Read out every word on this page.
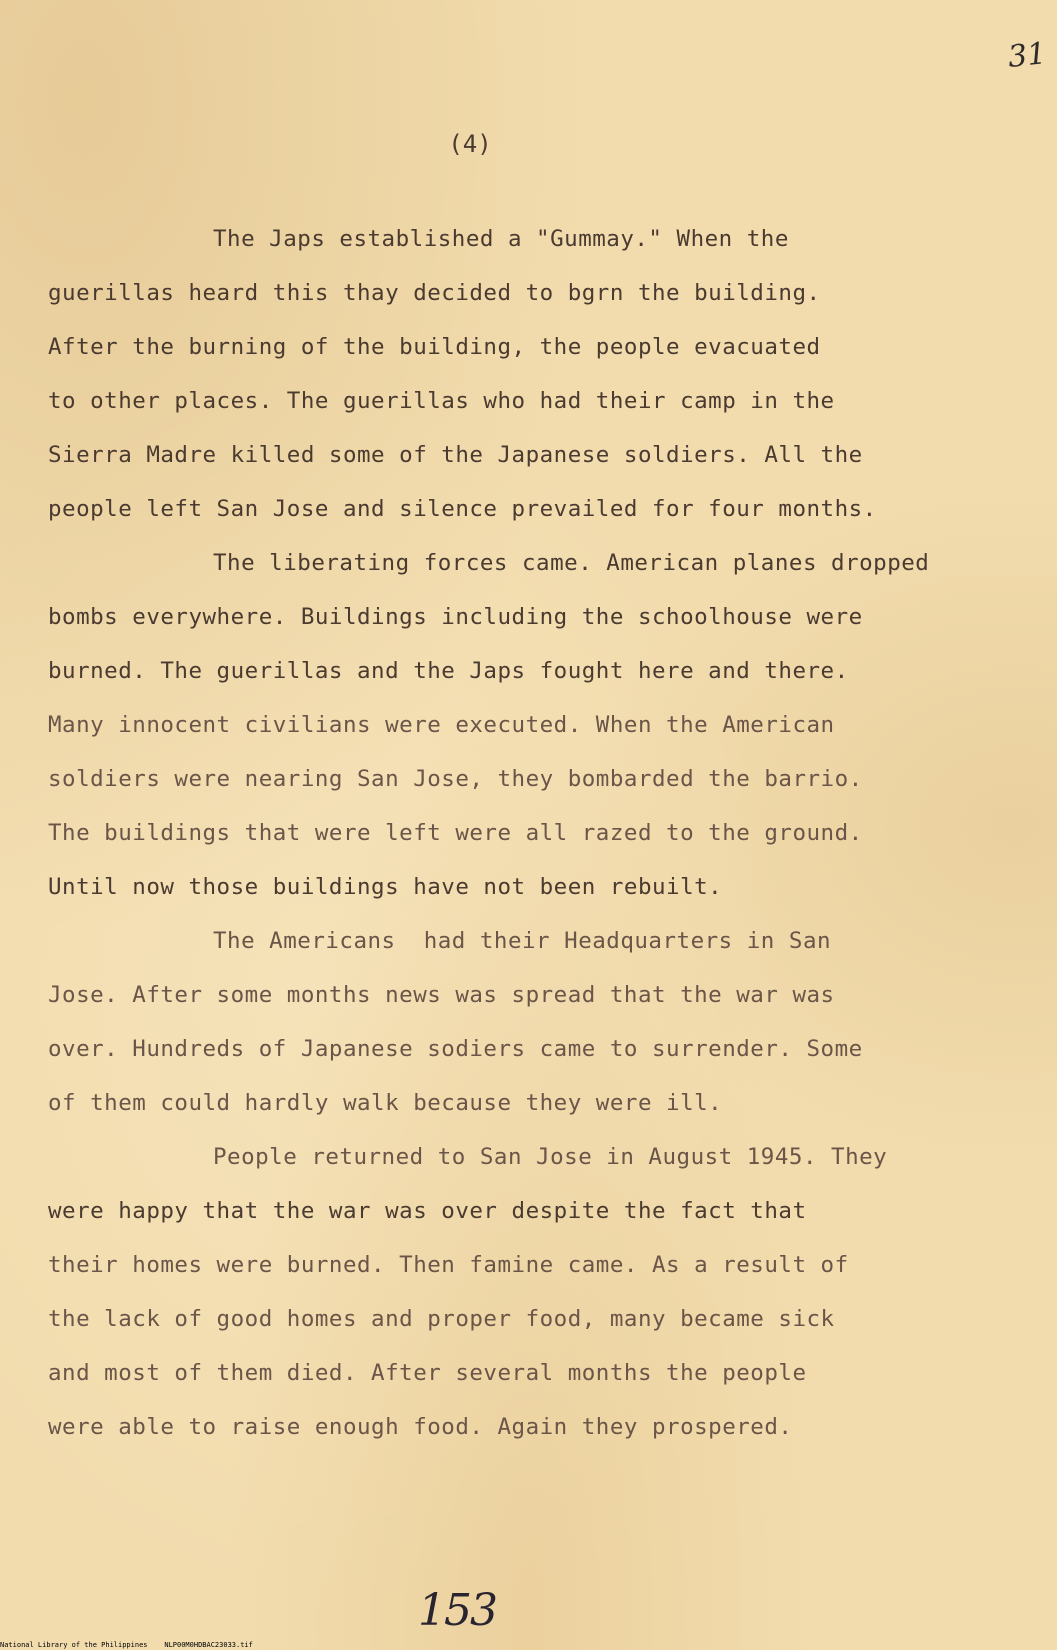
31
(4)
The Japs established a "Gummay." When the
guerillas heard this thay decided to bgrn the building.
After the burning of the building, the people evacuated
to other places. The guerillas who had their camp in the
Sierra Madre killed some of the Japanese soldiers. All the
people left San Jose and silence prevailed for four months.
The liberating forces came. American planes dropped
bombs everywhere. Buildings including the schoolhouse were
burned. The guerillas and the Japs fought here and there.
Many innocent civilians were executed. When the American
soldiers were nearing San Jose, they bombarded the barrio.
The buildings that were left were all razed to the ground.
Until now those buildings have not been rebuilt.
The Americans  had their Headquarters in San
Jose. After some months news was spread that the war was
over. Hundreds of Japanese sodiers came to surrender. Some
of them could hardly walk because they were ill.
People returned to San Jose in August 1945. They
were happy that the war was over despite the fact that
their homes were burned. Then famine came. As a result of
the lack of good homes and proper food, many became sick
and most of them died. After several months the people
were able to raise enough food. Again they prospered.
153
National Library of the Philippines    NLP00M0HDBAC23033.tif
